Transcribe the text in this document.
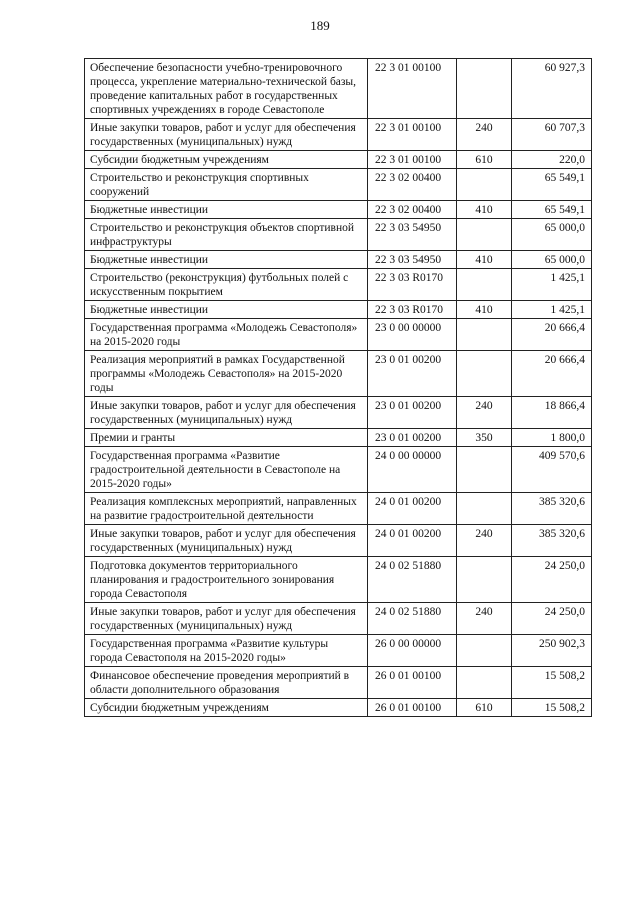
189
Обеспечение безопасности учебно-тренировочного процесса, укрепление материально-технической базы, проведение капитальных работ в государственных спортивных учреждениях в городе Севастополе	22 3 01 00100		60 927,3
Иные закупки товаров, работ и услуг для обеспечения государственных (муниципальных) нужд	22 3 01 00100	240	60 707,3
Субсидии бюджетным учреждениям	22 3 01 00100	610	220,0
Строительство и реконструкция спортивных сооружений	22 3 02 00400		65 549,1
Бюджетные инвестиции	22 3 02 00400	410	65 549,1
Строительство и реконструкция объектов спортивной инфраструктуры	22 3 03 54950		65 000,0
Бюджетные инвестиции	22 3 03 54950	410	65 000,0
Строительство (реконструкция) футбольных полей с искусственным покрытием	22 3 03 R0170		1 425,1
Бюджетные инвестиции	22 3 03 R0170	410	1 425,1
Государственная программа «Молодежь Севастополя» на 2015-2020 годы	23 0 00 00000		20 666,4
Реализация мероприятий в рамках Государственной программы «Молодежь Севастополя» на 2015-2020 годы	23 0 01 00200		20 666,4
Иные закупки товаров, работ и услуг для обеспечения государственных (муниципальных) нужд	23 0 01 00200	240	18 866,4
Премии и гранты	23 0 01 00200	350	1 800,0
Государственная программа «Развитие градостроительной деятельности в Севастополе на 2015-2020 годы»	24 0 00 00000		409 570,6
Реализация комплексных мероприятий, направленных на развитие градостроительной деятельности	24 0 01 00200		385 320,6
Иные закупки товаров, работ и услуг для обеспечения государственных (муниципальных) нужд	24 0 01 00200	240	385 320,6
Подготовка документов территориального планирования и градостроительного зонирования города Севастополя	24 0 02 51880		24 250,0
Иные закупки товаров, работ и услуг для обеспечения государственных (муниципальных) нужд	24 0 02 51880	240	24 250,0
Государственная программа «Развитие культуры города Севастополя на 2015-2020 годы»	26 0 00 00000		250 902,3
Финансовое обеспечение проведения мероприятий в области дополнительного образования	26 0 01 00100		15 508,2
Субсидии бюджетным учреждениям	26 0 01 00100	610	15 508,2
